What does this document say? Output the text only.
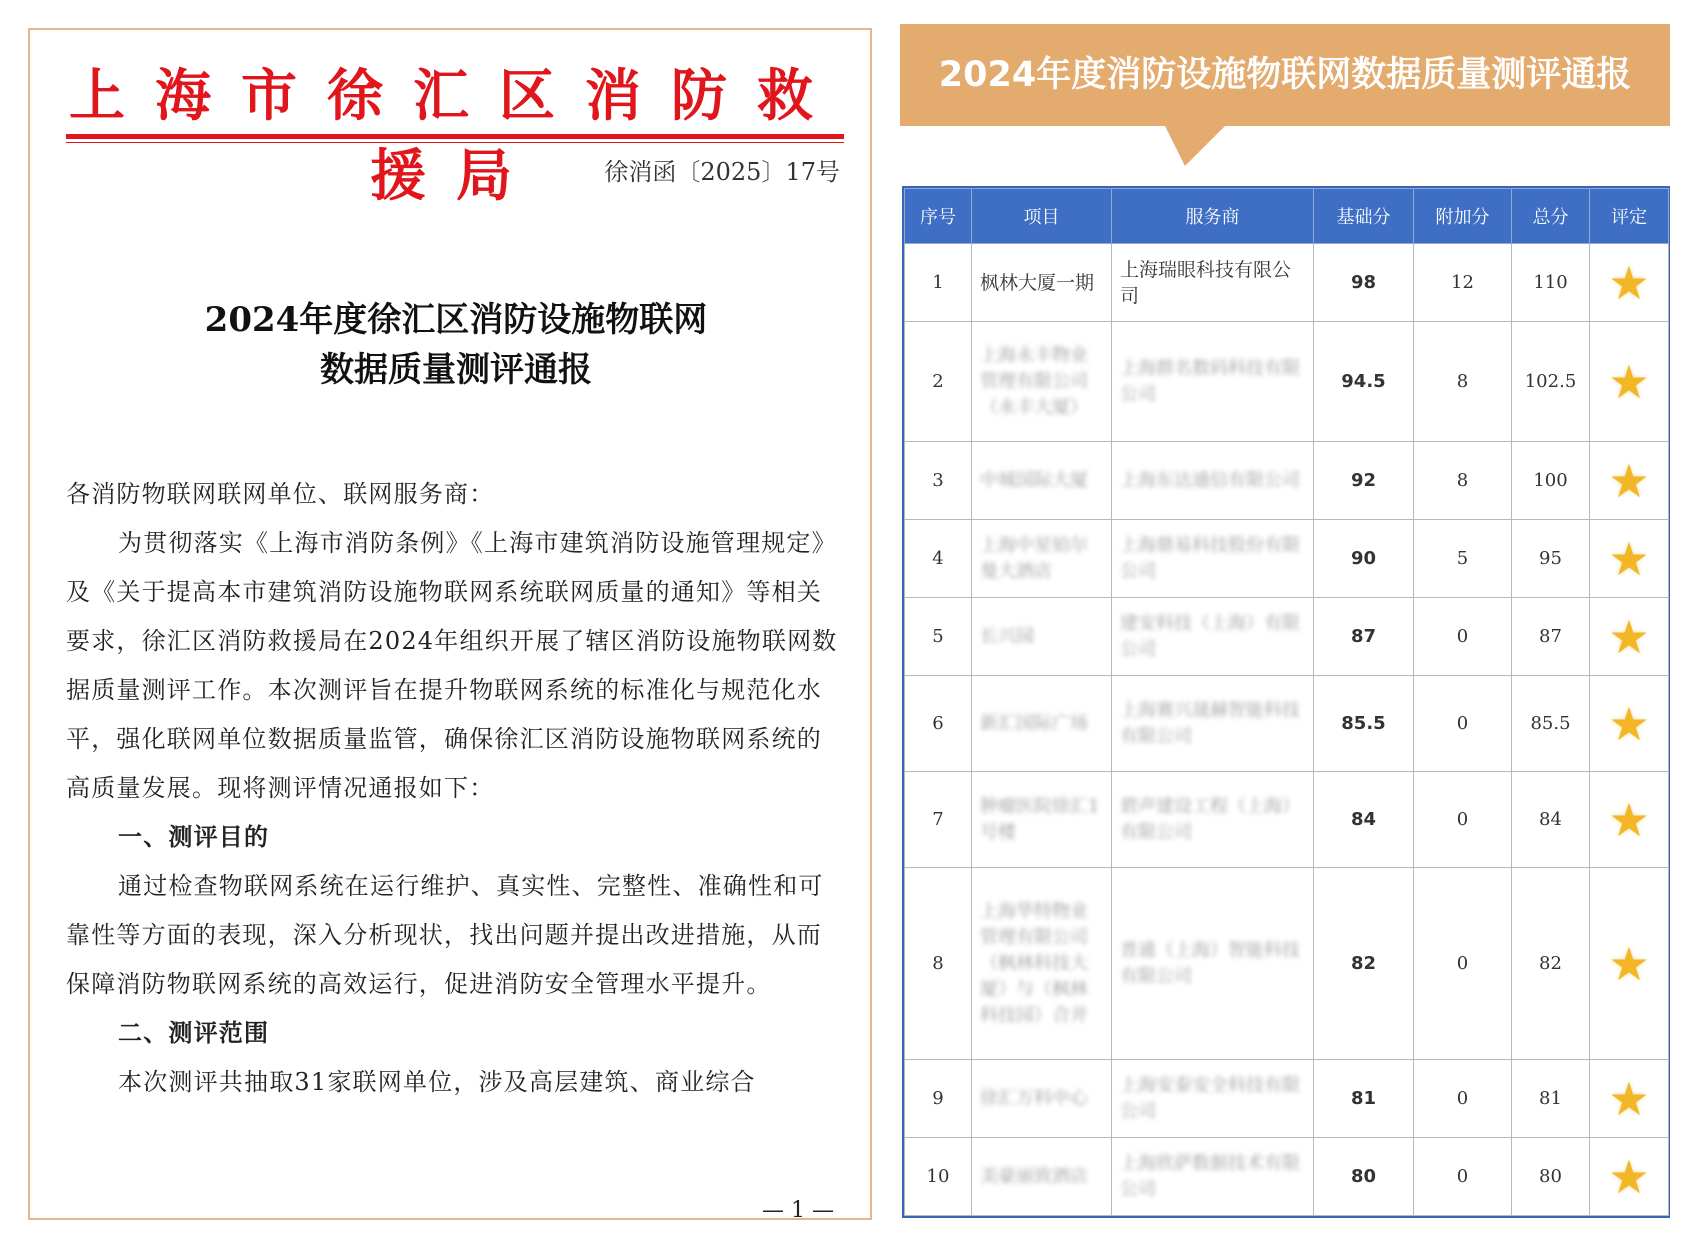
上海市徐汇区消防救援局	徐消函〔2025〕17号
2024年度徐汇区消防设施物联网
数据质量测评通报

各消防物联网联网单位、联网服务商：

为贯彻落实《上海市消防条例》《上海市建筑消防设施管理规定》及《关于提高本市建筑消防设施物联网系统联网质量的通知》等相关要求，徐汇区消防救援局在2024年组织开展了辖区消防设施物联网数据质量测评工作。本次测评旨在提升物联网系统的标准化与规范化水平，强化联网单位数据质量监管，确保徐汇区消防设施物联网系统的高质量发展。现将测评情况通报如下：

一、测评目的

通过检查物联网系统在运行维护、真实性、完整性、准确性和可靠性等方面的表现，深入分析现状，找出问题并提出改进措施，从而保障消防物联网系统的高效运行，促进消防安全管理水平提升。

二、测评范围

本次测评共抽取31家联网单位，涉及高层建筑、商业综合

— 1 —
2024年度消防设施物联网数据质量测评通报
序号	项目	服务商	基础分	附加分	总分	评定
1	枫林大厦一期	上海瑞眼科技有限公司	98	12	110	★
2	上海永丰物业管理有限公司（永丰大厦）	上海群名数码科技有限公司	94.5	8	102.5	★
3	中城国际大厦	上海东达通信有限公司	92	8	100	★
4	上海中星铂尔曼大酒店	上海鼎易科技股份有限公司	90	5	95	★
5	长兴园	建安科技（上海）有限公司	87	0	87	★
6	新汇国际广场	上海赛兴晟赫智能科技有限公司	85.5	0	85.5	★
7	肿瘤医院徐汇1号楼	碧声建设工程（上海）有限公司	84	0	84	★
8	上海华特物业管理有限公司（枫林科技大厦）与（枫林科技园）合并	普通（上海）智能科技有限公司	82	0	82	★
9	徐汇万科中心	上海安泰安全科技有限公司	81	0	81	★
10	美豪丽致酒店	上海欣萨数据技术有限公司	80	0	80	★
